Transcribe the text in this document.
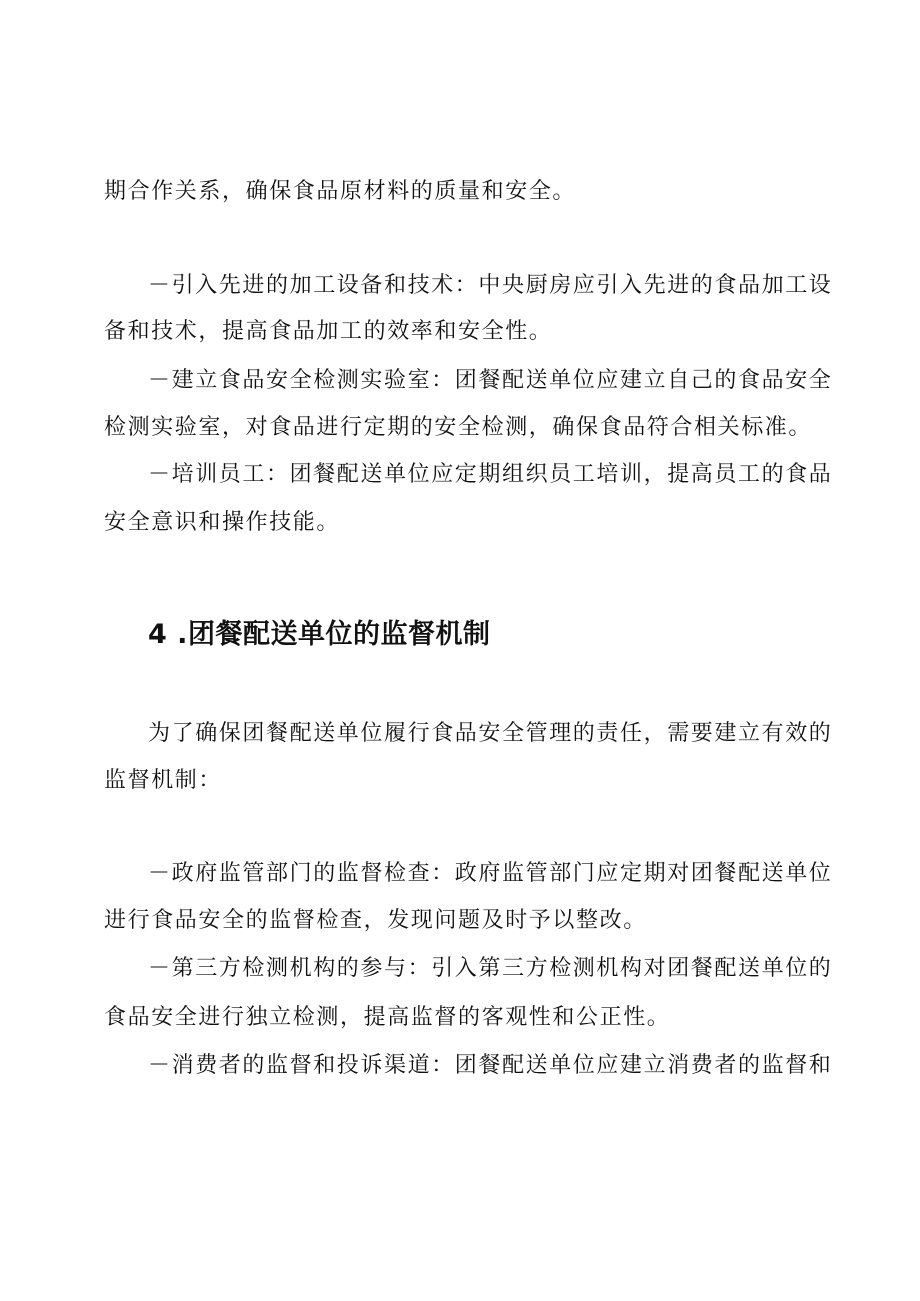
期合作关系，确保食品原材料的质量和安全。
－引入先进的加工设备和技术：中央厨房应引入先进的食品加工设
备和技术，提高食品加工的效率和安全性。
－建立食品安全检测实验室：团餐配送单位应建立自己的食品安全
检测实验室，对食品进行定期的安全检测，确保食品符合相关标准。
－培训员工：团餐配送单位应定期组织员工培训，提高员工的食品
安全意识和操作技能。
4 .团餐配送单位的监督机制
为了确保团餐配送单位履行食品安全管理的责任，需要建立有效的
监督机制：
－政府监管部门的监督检查：政府监管部门应定期对团餐配送单位
进行食品安全的监督检查，发现问题及时予以整改。
－第三方检测机构的参与：引入第三方检测机构对团餐配送单位的
食品安全进行独立检测，提高监督的客观性和公正性。
－消费者的监督和投诉渠道：团餐配送单位应建立消费者的监督和
